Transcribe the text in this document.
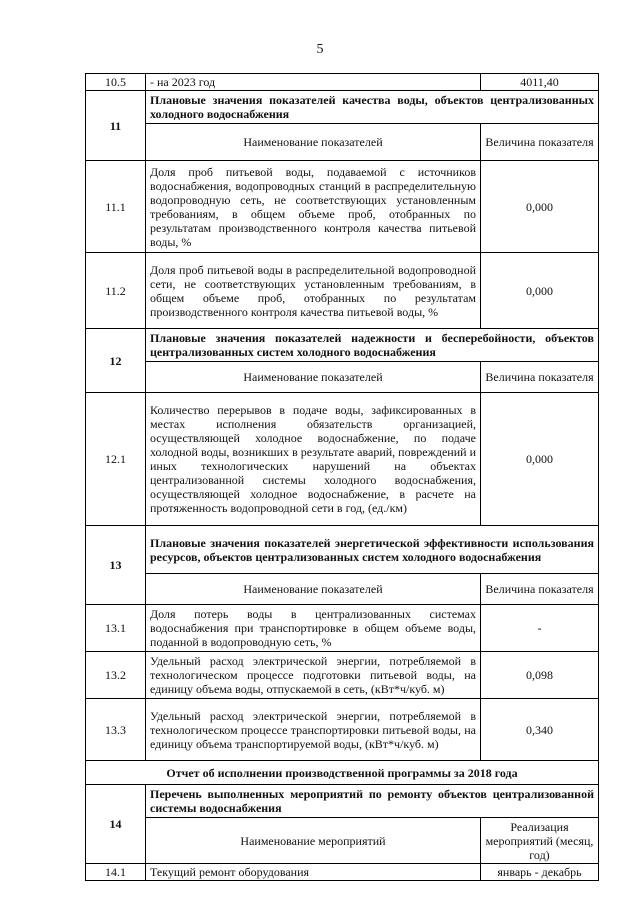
5
10.5	- на 2023 год	4011,40
11	Плановые значения показателей качества воды, объектов централизованных холодного водоснабжения	
	Наименование показателей	Величина показателя

11.1	Доля проб питьевой воды, подаваемой с источников водоснабжения, водопроводных станций в распределительную водопроводную сеть, не соответствующих установленным требованиям, в общем объеме проб, отобранных по результатам производственного контроля качества питьевой воды, %	0,000

11.2	Доля проб питьевой воды в распределительной водопроводной сети, не соответствующих установленным требованиям, в общем объеме проб, отобранных по результатам производственного контроля качества питьевой воды, %	0,000
12	Плановые значения показателей надежности и бесперебойности, объектов централизованных систем холодного водоснабжения	
	Наименование показателей	Величина показателя

12.1	Количество перерывов в подаче воды, зафиксированных в местах исполнения обязательств организацией, осуществляющей холодное водоснабжение, по подаче холодной воды, возникших в результате аварий, повреждений и иных технологических нарушений на объектах централизованной системы холодного водоснабжения, осуществляющей холодное водоснабжение, в расчете на протяженность водопроводной сети в год, (ед./км)	0,000
13	Плановые значения показателей энергетической эффективности использования ресурсов, объектов централизованных систем холодного водоснабжения	
	Наименование показателей	Величина показателя

13.1	Доля потерь воды в централизованных системах водоснабжения при транспортировке в общем объеме воды, поданной в водопроводную сеть, %	-

13.2	Удельный расход электрической энергии, потребляемой в технологическом процессе подготовки питьевой воды, на единицу объема воды, отпускаемой в сеть, (кВт*ч/куб. м)	0,098

13.3	Удельный расход электрической энергии, потребляемой в технологическом процессе транспортировки питьевой воды, на единицу объема транспортируемой воды, (кВт*ч/куб. м)	0,340
Отчет об исполнении производственной программы за 2018 года		
14	Перечень выполненных мероприятий по ремонту объектов централизованной системы водоснабжения	
	Наименование мероприятий	Реализация мероприятий (месяц, год)

14.1	Текущий ремонт оборудования	январь - декабрь
